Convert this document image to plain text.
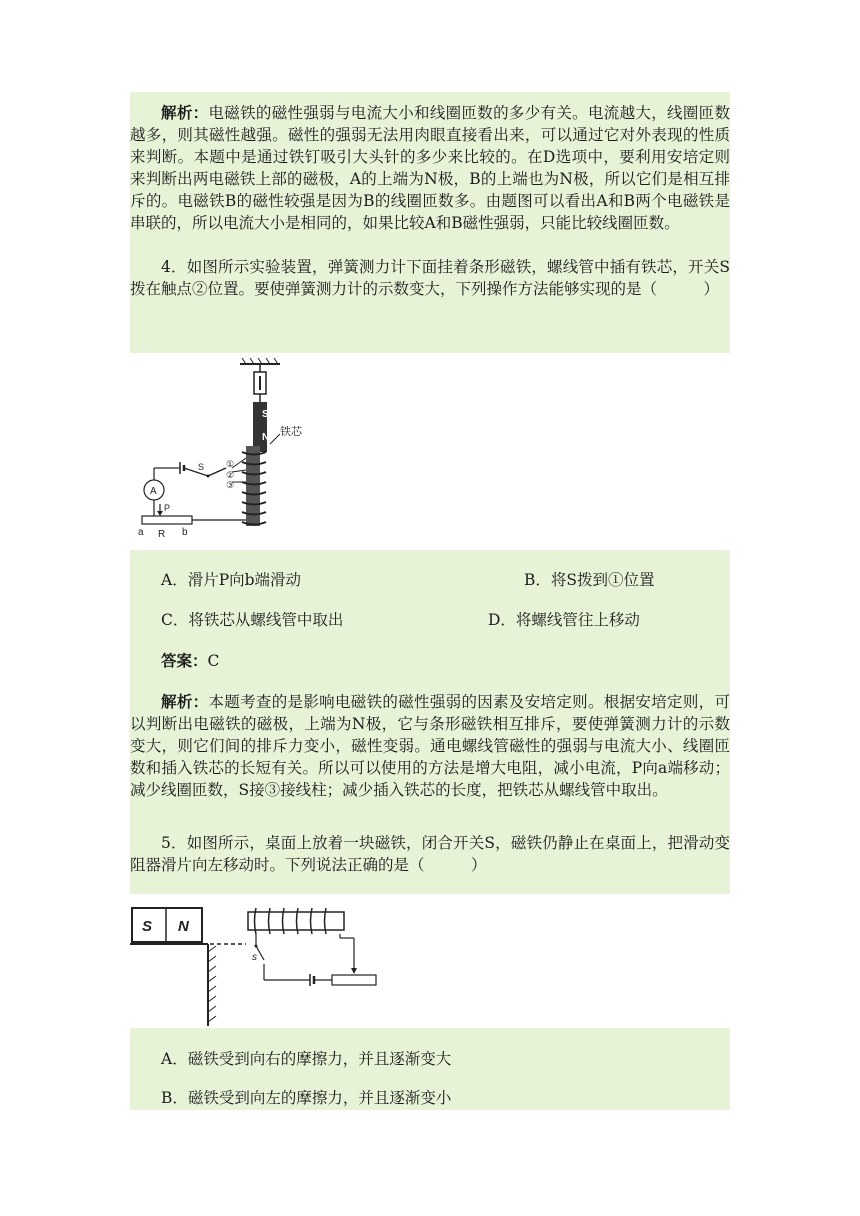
解析：电磁铁的磁性强弱与电流大小和线圈匝数的多少有关。电流越大，线圈匝数越多，则其磁性越强。磁性的强弱无法用肉眼直接看出来，可以通过它对外表现的性质来判断。本题中是通过铁钉吸引大头针的多少来比较的。在D选项中，要利用安培定则来判断出两电磁铁上部的磁极，A的上端为N极，B的上端也为N极，所以它们是相互排斥的。电磁铁B的磁性较强是因为B的线圈匝数多。由题图可以看出A和B两个电磁铁是串联的，所以电流大小是相同的，如果比较A和B磁性强弱，只能比较线圈匝数。

4．如图所示实验装置，弹簧测力计下面挂着条形磁铁，螺线管中插有铁芯，开关S拨在触点②位置。要使弹簧测力计的示数变大，下列操作方法能够实现的是（　　　）

S
N 铁芯
①
②
③
S
A
P
a R b
A．滑片P向b端滑动	B．将S拨到①位置
C．将铁芯从螺线管中取出	D．将螺线管往上移动
答案：C

解析：本题考查的是影响电磁铁的磁性强弱的因素及安培定则。根据安培定则，可以判断出电磁铁的磁极，上端为N极，它与条形磁铁相互排斥，要使弹簧测力计的示数变大，则它们间的排斥力变小，磁性变弱。通电螺线管磁性的强弱与电流大小、线圈匝数和插入铁芯的长短有关。所以可以使用的方法是增大电阻，减小电流，P向a端移动；减少线圈匝数，S接③接线柱；减少插入铁芯的长度，把铁芯从螺线管中取出。

5．如图所示，桌面上放着一块磁铁，闭合开关S，磁铁仍静止在桌面上，把滑动变阻器滑片向左移动时。下列说法正确的是（　　　）

S N
s
A．磁铁受到向右的摩擦力，并且逐渐变大
B．磁铁受到向左的摩擦力，并且逐渐变小
